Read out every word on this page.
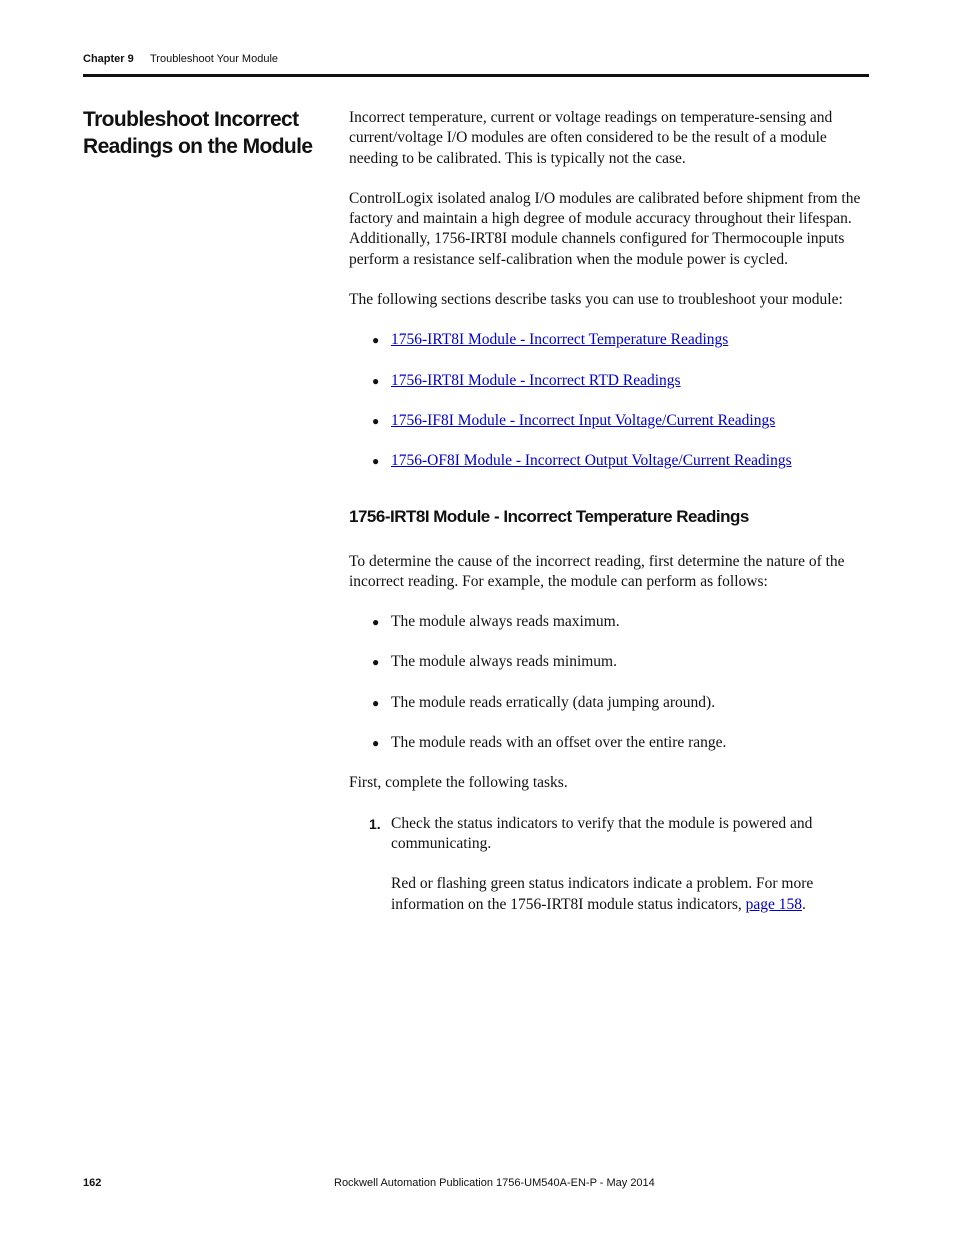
Chapter 9 Troubleshoot Your Module
Troubleshoot Incorrect
Readings on the Module

Incorrect temperature, current or voltage readings on temperature-sensing and current/voltage I/O modules are often considered to be the result of a module needing to be calibrated. This is typically not the case.

ControlLogix isolated analog I/O modules are calibrated before shipment from the factory and maintain a high degree of module accuracy throughout their lifespan. Additionally, 1756-IRT8I module channels configured for Thermocouple inputs perform a resistance self-calibration when the module power is cycled.

The following sections describe tasks you can use to troubleshoot your module:

● 1756-IRT8I Module - Incorrect Temperature Readings
● 1756-IRT8I Module - Incorrect RTD Readings
● 1756-IF8I Module - Incorrect Input Voltage/Current Readings
● 1756-OF8I Module - Incorrect Output Voltage/Current Readings
1756-IRT8I Module - Incorrect Temperature Readings

To determine the cause of the incorrect reading, first determine the nature of the incorrect reading. For example, the module can perform as follows:

● The module always reads maximum.
● The module always reads minimum.
● The module reads erratically (data jumping around).
● The module reads with an offset over the entire range.

First, complete the following tasks.

1. Check the status indicators to verify that the module is powered and communicating.

Red or flashing green status indicators indicate a problem. For more information on the 1756-IRT8I module status indicators, page 158.

162	Rockwell Automation Publication 1756-UM540A-EN-P - May 2014
